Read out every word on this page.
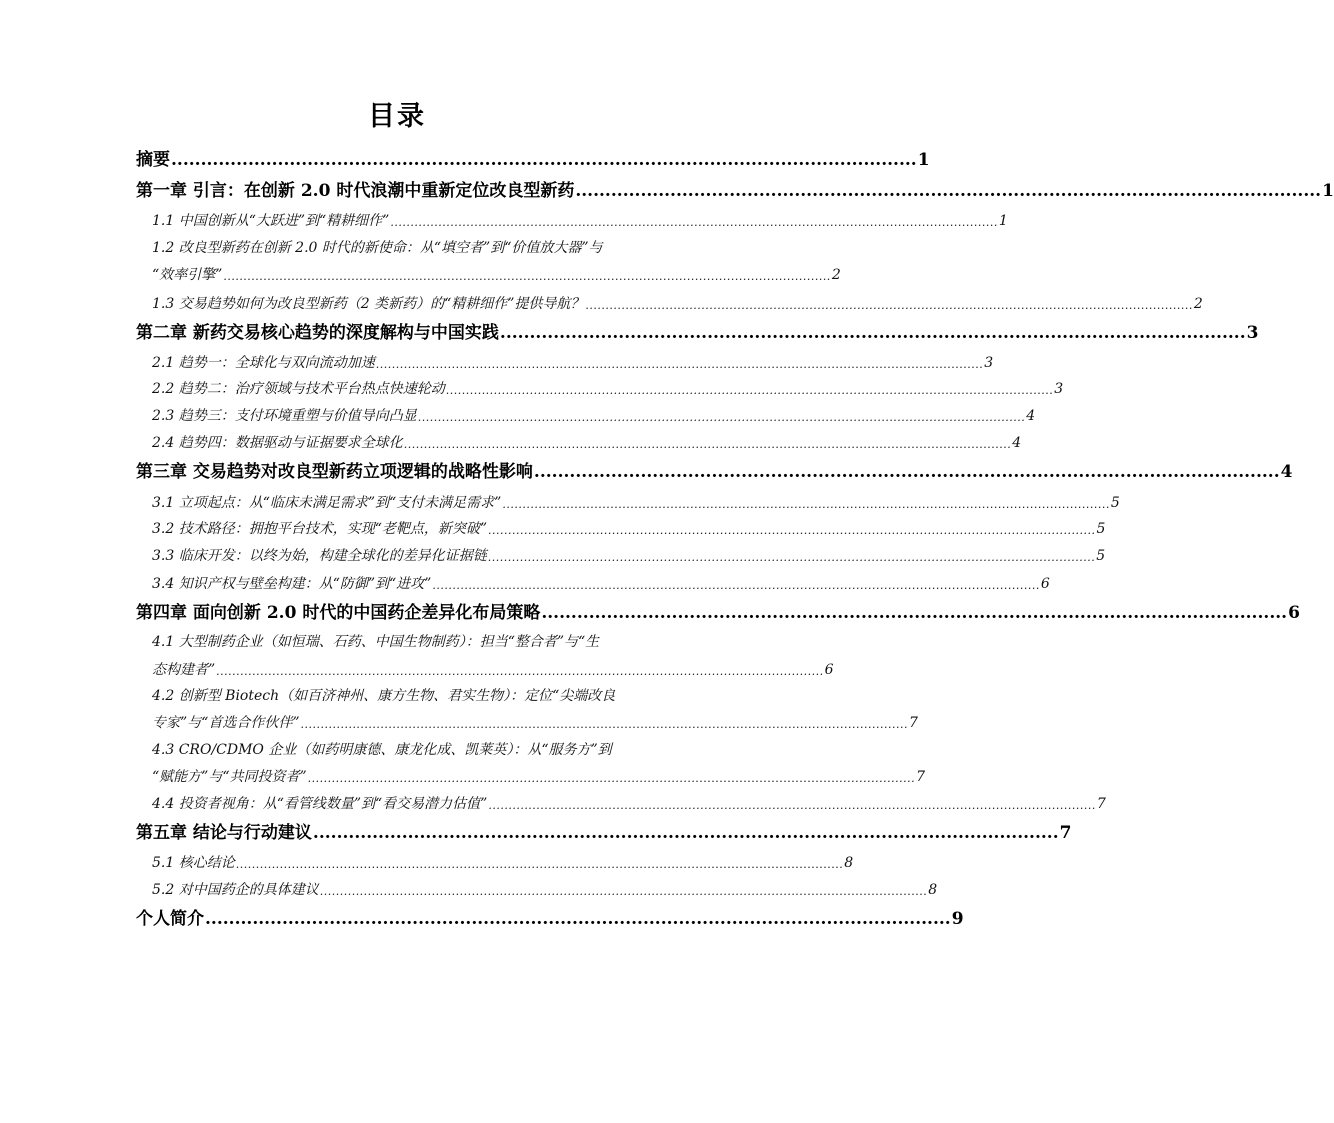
目录
摘要 .............................................................................................................................. 1
第一章 引言：在创新 2.0 时代浪潮中重新定位改良型新药 .............................................................................................................................. 1
1.1 中国创新从“大跃进”到“精耕细作” ........................................................................................................................................................ 1
1.2 改良型新药在创新 2.0 时代的新使命：从“填空者”到“价值放大器”与
“效率引擎” ........................................................................................................................................................ 2
1.3 交易趋势如何为改良型新药（2 类新药）的“精耕细作”提供导航？ ........................................................................................................................................................ 2
第二章 新药交易核心趋势的深度解构与中国实践 .............................................................................................................................. 3
2.1 趋势一：全球化与双向流动加速 ........................................................................................................................................................ 3
2.2 趋势二：治疗领域与技术平台热点快速轮动 ........................................................................................................................................................ 3
2.3 趋势三：支付环境重塑与价值导向凸显 ........................................................................................................................................................ 4
2.4 趋势四：数据驱动与证据要求全球化 ........................................................................................................................................................ 4
第三章 交易趋势对改良型新药立项逻辑的战略性影响 .............................................................................................................................. 4
3.1 立项起点：从“临床未满足需求”到“支付未满足需求” ........................................................................................................................................................ 5
3.2 技术路径：拥抱平台技术，实现“老靶点，新突破” ........................................................................................................................................................ 5
3.3 临床开发：以终为始，构建全球化的差异化证据链 ........................................................................................................................................................ 5
3.4 知识产权与壁垒构建：从“防御”到“进攻” ........................................................................................................................................................ 6
第四章 面向创新 2.0 时代的中国药企差异化布局策略 .............................................................................................................................. 6
4.1 大型制药企业（如恒瑞、石药、中国生物制药）：担当“整合者”与“生
态构建者” ........................................................................................................................................................ 6
4.2 创新型 Biotech（如百济神州、康方生物、君实生物）：定位“尖端改良
专家”与“首选合作伙伴” ........................................................................................................................................................ 7
4.3 CRO/CDMO 企业（如药明康德、康龙化成、凯莱英）：从“服务方”到
“赋能方”与“共同投资者” ........................................................................................................................................................ 7
4.4 投资者视角：从“看管线数量”到“看交易潜力估值” ........................................................................................................................................................ 7
第五章 结论与行动建议 .............................................................................................................................. 7
5.1 核心结论 ........................................................................................................................................................ 8
5.2 对中国药企的具体建议 ........................................................................................................................................................ 8
个人简介 .............................................................................................................................. 9
